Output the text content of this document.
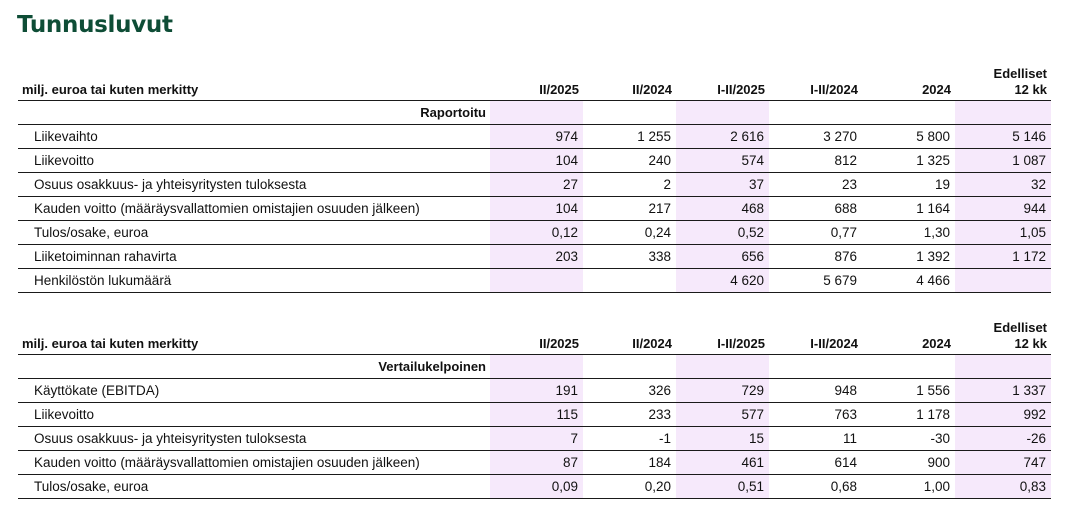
Tunnusluvut
milj. euroa tai kuten merkitty	II/2025	II/2024	I-II/2025	I-II/2024	2024	Edelliset
12 kk
Raportoitu						
Liikevaihto	974	1 255	2 616	3 270	5 800	5 146
Liikevoitto	104	240	574	812	1 325	1 087
Osuus osakkuus- ja yhteisyritysten tuloksesta	27	2	37	23	19	32
Kauden voitto (määräysvallattomien omistajien osuuden jälkeen)	104	217	468	688	1 164	944
Tulos/osake, euroa	0,12	0,24	0,52	0,77	1,30	1,05
Liiketoiminnan rahavirta	203	338	656	876	1 392	1 172
Henkilöstön lukumäärä			4 620	5 679	4 466	
milj. euroa tai kuten merkitty	II/2025	II/2024	I-II/2025	I-II/2024	2024	Edelliset
12 kk
Vertailukelpoinen						
Käyttökate (EBITDA)	191	326	729	948	1 556	1 337
Liikevoitto	115	233	577	763	1 178	992
Osuus osakkuus- ja yhteisyritysten tuloksesta	7	-1	15	11	-30	-26
Kauden voitto (määräysvallattomien omistajien osuuden jälkeen)	87	184	461	614	900	747
Tulos/osake, euroa	0,09	0,20	0,51	0,68	1,00	0,83
